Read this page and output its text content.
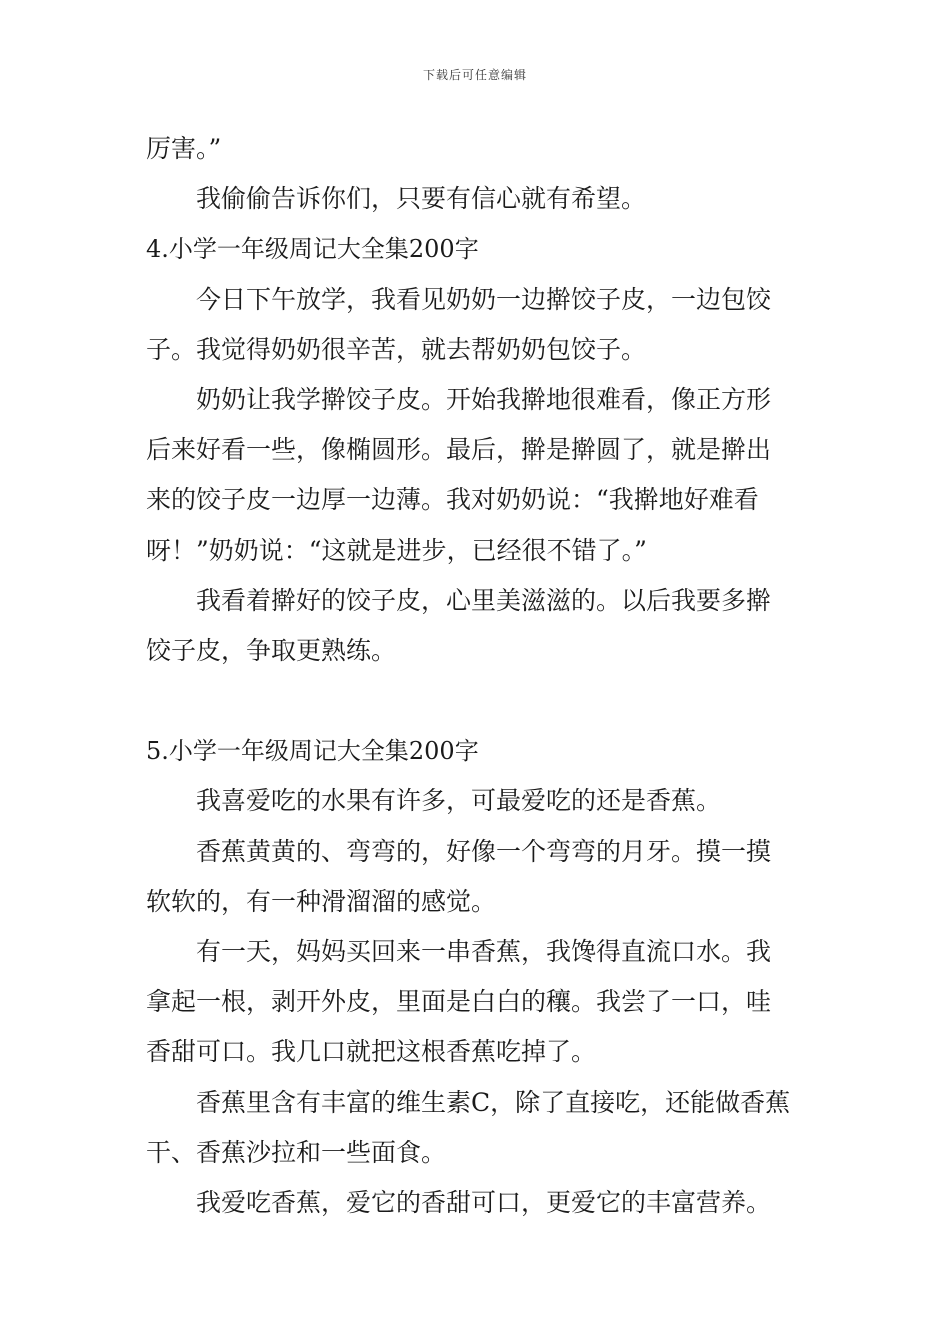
下载后可任意编辑
厉害。”
我偷偷告诉你们，只要有信心就有希望。
4.小学一年级周记大全集200字
今日下午放学，我看见奶奶一边擀饺子皮，一边包饺
子。我觉得奶奶很辛苦，就去帮奶奶包饺子。
奶奶让我学擀饺子皮。开始我擀地很难看，像正方形
后来好看一些，像椭圆形。最后，擀是擀圆了，就是擀出
来的饺子皮一边厚一边薄。我对奶奶说：“我擀地好难看
呀！”奶奶说：“这就是进步，已经很不错了。”
我看着擀好的饺子皮，心里美滋滋的。以后我要多擀
饺子皮，争取更熟练。
5.小学一年级周记大全集200字
我喜爱吃的水果有许多，可最爱吃的还是香蕉。
香蕉黄黄的、弯弯的，好像一个弯弯的月牙。摸一摸
软软的，有一种滑溜溜的感觉。
有一天，妈妈买回来一串香蕉，我馋得直流口水。我
拿起一根，剥开外皮，里面是白白的穰。我尝了一口，哇
香甜可口。我几口就把这根香蕉吃掉了。
香蕉里含有丰富的维生素C，除了直接吃，还能做香蕉
干、香蕉沙拉和一些面食。
我爱吃香蕉，爱它的香甜可口，更爱它的丰富营养。
